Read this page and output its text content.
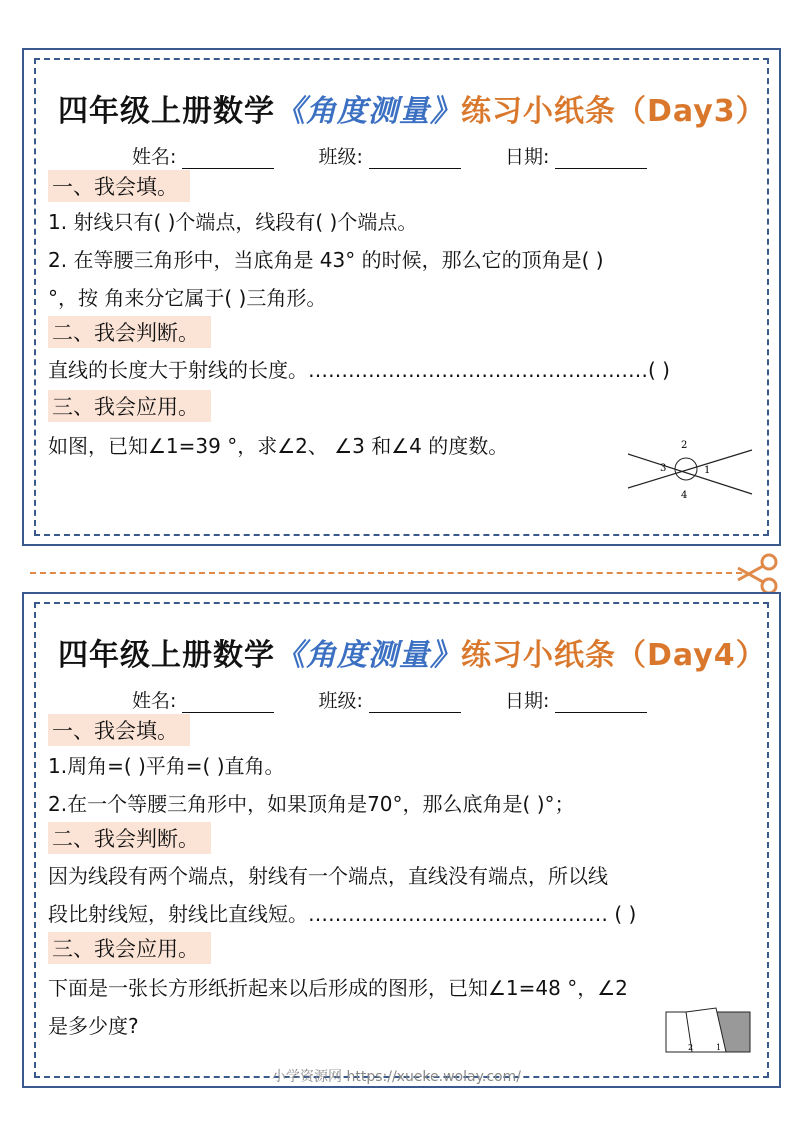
四年级上册数学《角度测量》练习小纸条（Day3）
姓名:	班级:	日期:
一、我会填。
1. 射线只有( )个端点，线段有( )个端点。
2. 在等腰三角形中，当底角是 43° 的时候，那么它的顶角是( )
°，按 角来分它属于( )三角形。
二、我会判断。
直线的长度大于射线的长度。……………………………………………( )
三、我会应用。
如图，已知∠1=39 °，求∠2、 ∠3 和∠4 的度数。	2
3	1
4
四年级上册数学《角度测量》练习小纸条（Day4）
姓名:	班级:	日期:
一、我会填。
1.周角=( )平角=( )直角。
2.在一个等腰三角形中，如果顶角是70°，那么底角是( )°；
二、我会判断。
因为线段有两个端点，射线有一个端点，直线没有端点，所以线
段比射线短，射线比直线短。……………………………………… ( )
三、我会应用。
下面是一张长方形纸折起来以后形成的图形，已知∠1=48 °，∠2
是多少度?
2	1
小学资源网 https://xueke.wolay.com/
